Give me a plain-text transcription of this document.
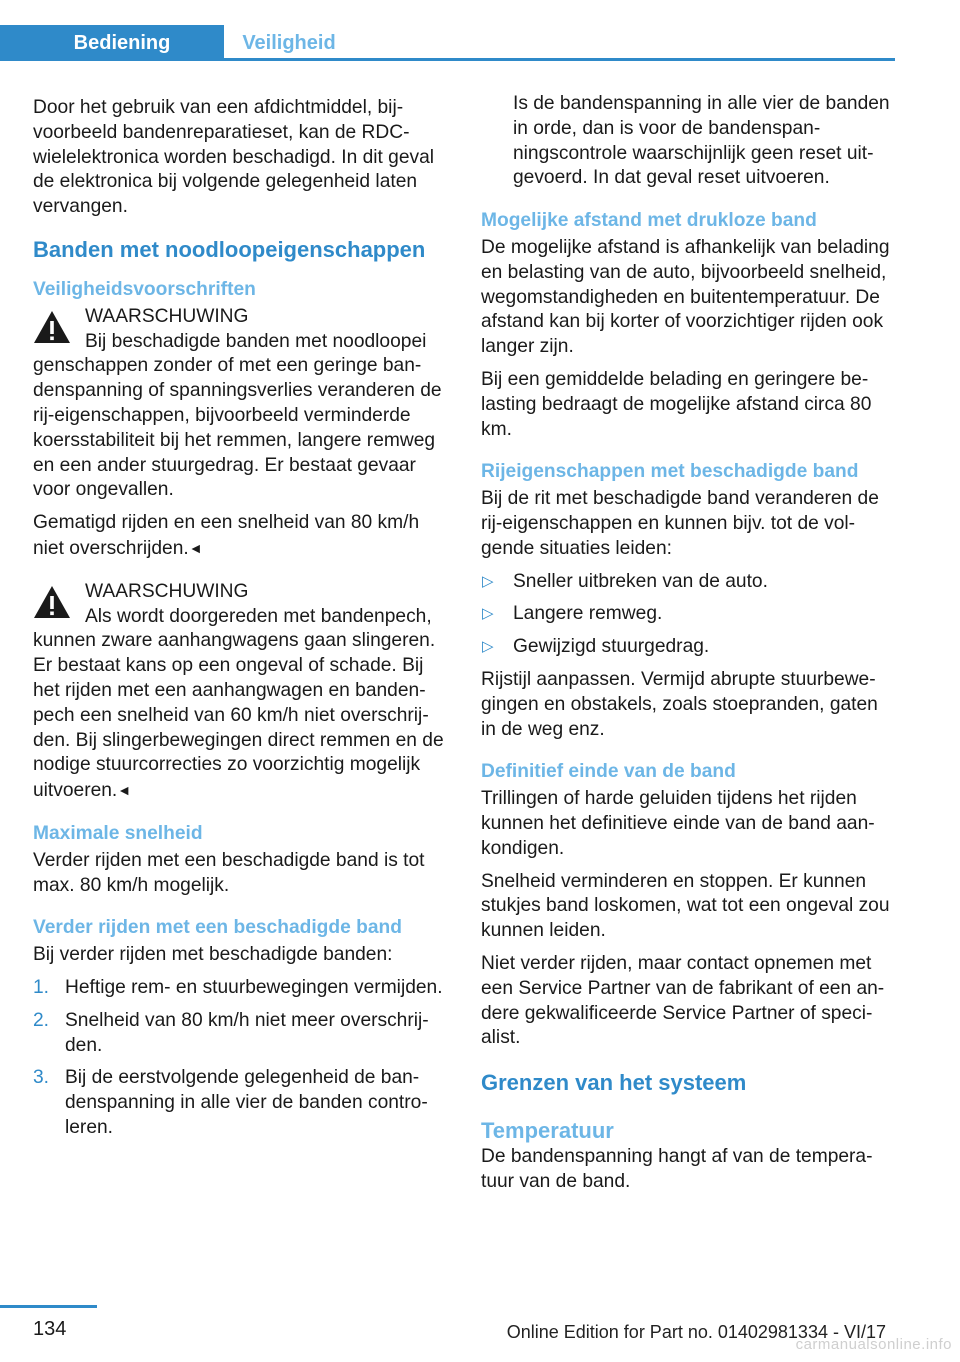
Bediening	Veiligheid

Door het gebruik van een afdichtmiddel, bijvoorbeeld bandenreparatieset, kan de RDC-wielelektronica worden beschadigd. In dit geval de elektronica bij volgende gelegenheid laten vervangen.

Banden met noodloopeigenschappen
Veiligheidsvoorschriften
WAARSCHUWING
Bij beschadigde banden met noodloopei
genschappen zonder of met een geringe bandenspanning of spanningsverlies veranderen de rij-eigenschappen, bijvoorbeeld verminderde koersstabiliteit bij het remmen, langere remweg en een ander stuurgedrag. Er bestaat gevaar voor ongevallen.

Gematigd rijden en een snelheid van 80 km/h niet overschrijden.◄

WAARSCHUWING
Als wordt doorgereden met bandenpech,
kunnen zware aanhangwagens gaan slingeren. Er bestaat kans op een ongeval of schade. Bij het rijden met een aanhangwagen en bandenpech een snelheid van 60 km/h niet overschrijden. Bij slingerbewegingen direct remmen en de nodige stuurcorrecties zo voorzichtig mogelijk uitvoeren.◄
Maximale snelheid

Verder rijden met een beschadigde band is tot max. 80 km/h mogelijk.

Verder rijden met een beschadigde band

Bij verder rijden met beschadigde banden:

1. Heftige rem- en stuurbewegingen vermijden.
2. Snelheid van 80 km/h niet meer overschrijden.
3. Bij de eerstvolgende gelegenheid de bandenspanning in alle vier de banden controleren.

Is de bandenspanning in alle vier de banden in orde, dan is voor de bandenspanningscontrole waarschijnlijk geen reset uitgevoerd. In dat geval reset uitvoeren.

Mogelijke afstand met drukloze band

De mogelijke afstand is afhankelijk van belading en belasting van de auto, bijvoorbeeld snelheid, wegomstandigheden en buitentemperatuur. De afstand kan bij korter of voorzichtiger rijden ook langer zijn.

Bij een gemiddelde belading en geringere belasting bedraagt de mogelijke afstand circa 80 km.

Rijeigenschappen met beschadigde band

Bij de rit met beschadigde band veranderen de rij-eigenschappen en kunnen bijv. tot de volgende situaties leiden:

▷ Sneller uitbreken van de auto.
▷ Langere remweg.
▷ Gewijzigd stuurgedrag.

Rijstijl aanpassen. Vermijd abrupte stuurbewegingen en obstakels, zoals stoepranden, gaten in de weg enz.

Definitief einde van de band

Trillingen of harde geluiden tijdens het rijden kunnen het definitieve einde van de band aankondigen.

Snelheid verminderen en stoppen. Er kunnen stukjes band loskomen, wat tot een ongeval zou kunnen leiden.

Niet verder rijden, maar contact opnemen met een Service Partner van de fabrikant of een andere gekwalificeerde Service Partner of specialist.

Grenzen van het systeem
Temperatuur

De bandenspanning hangt af van de temperatuur van de band.

134	Online Edition for Part no. 01402981334 - VI/17
carmanualsonline.info
